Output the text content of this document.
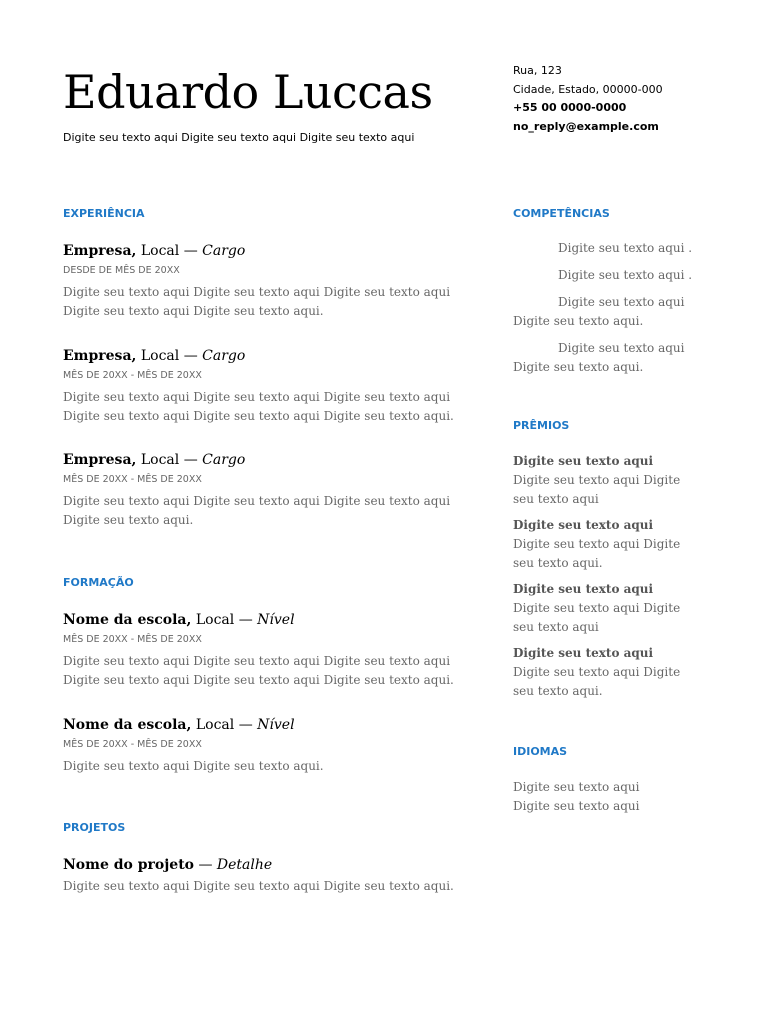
Eduardo Luccas
Digite seu texto aqui Digite seu texto aqui Digite seu texto aqui
Rua, 123
Cidade, Estado, 00000-000
+55 00 0000-0000
no_reply@example.com
EXPERIÊNCIA
Empresa, Local — Cargo
DESDE DE MÊS DE 20XX
Digite seu texto aqui Digite seu texto aqui Digite seu texto aqui Digite seu texto aqui Digite seu texto aqui.
Empresa, Local — Cargo
MÊS DE 20XX - MÊS DE 20XX
Digite seu texto aqui Digite seu texto aqui Digite seu texto aqui Digite seu texto aqui Digite seu texto aqui Digite seu texto aqui.
Empresa, Local — Cargo
MÊS DE 20XX - MÊS DE 20XX
Digite seu texto aqui Digite seu texto aqui Digite seu texto aqui Digite seu texto aqui.
FORMAÇÃO
Nome da escola, Local — Nível
MÊS DE 20XX - MÊS DE 20XX
Digite seu texto aqui Digite seu texto aqui Digite seu texto aqui Digite seu texto aqui Digite seu texto aqui Digite seu texto aqui.
Nome da escola, Local — Nível
MÊS DE 20XX - MÊS DE 20XX
Digite seu texto aqui Digite seu texto aqui.
PROJETOS
Nome do projeto — Detalhe
Digite seu texto aqui Digite seu texto aqui Digite seu texto aqui.
COMPETÊNCIAS
Digite seu texto aqui .
Digite seu texto aqui .
Digite seu texto aqui Digite seu texto aqui.
Digite seu texto aqui Digite seu texto aqui.
PRÊMIOS
Digite seu texto aqui Digite seu texto aqui Digite seu texto aqui
Digite seu texto aqui Digite seu texto aqui Digite seu texto aqui.
Digite seu texto aqui Digite seu texto aqui Digite seu texto aqui
Digite seu texto aqui Digite seu texto aqui Digite seu texto aqui.
IDIOMAS
Digite seu texto aqui Digite seu texto aqui
